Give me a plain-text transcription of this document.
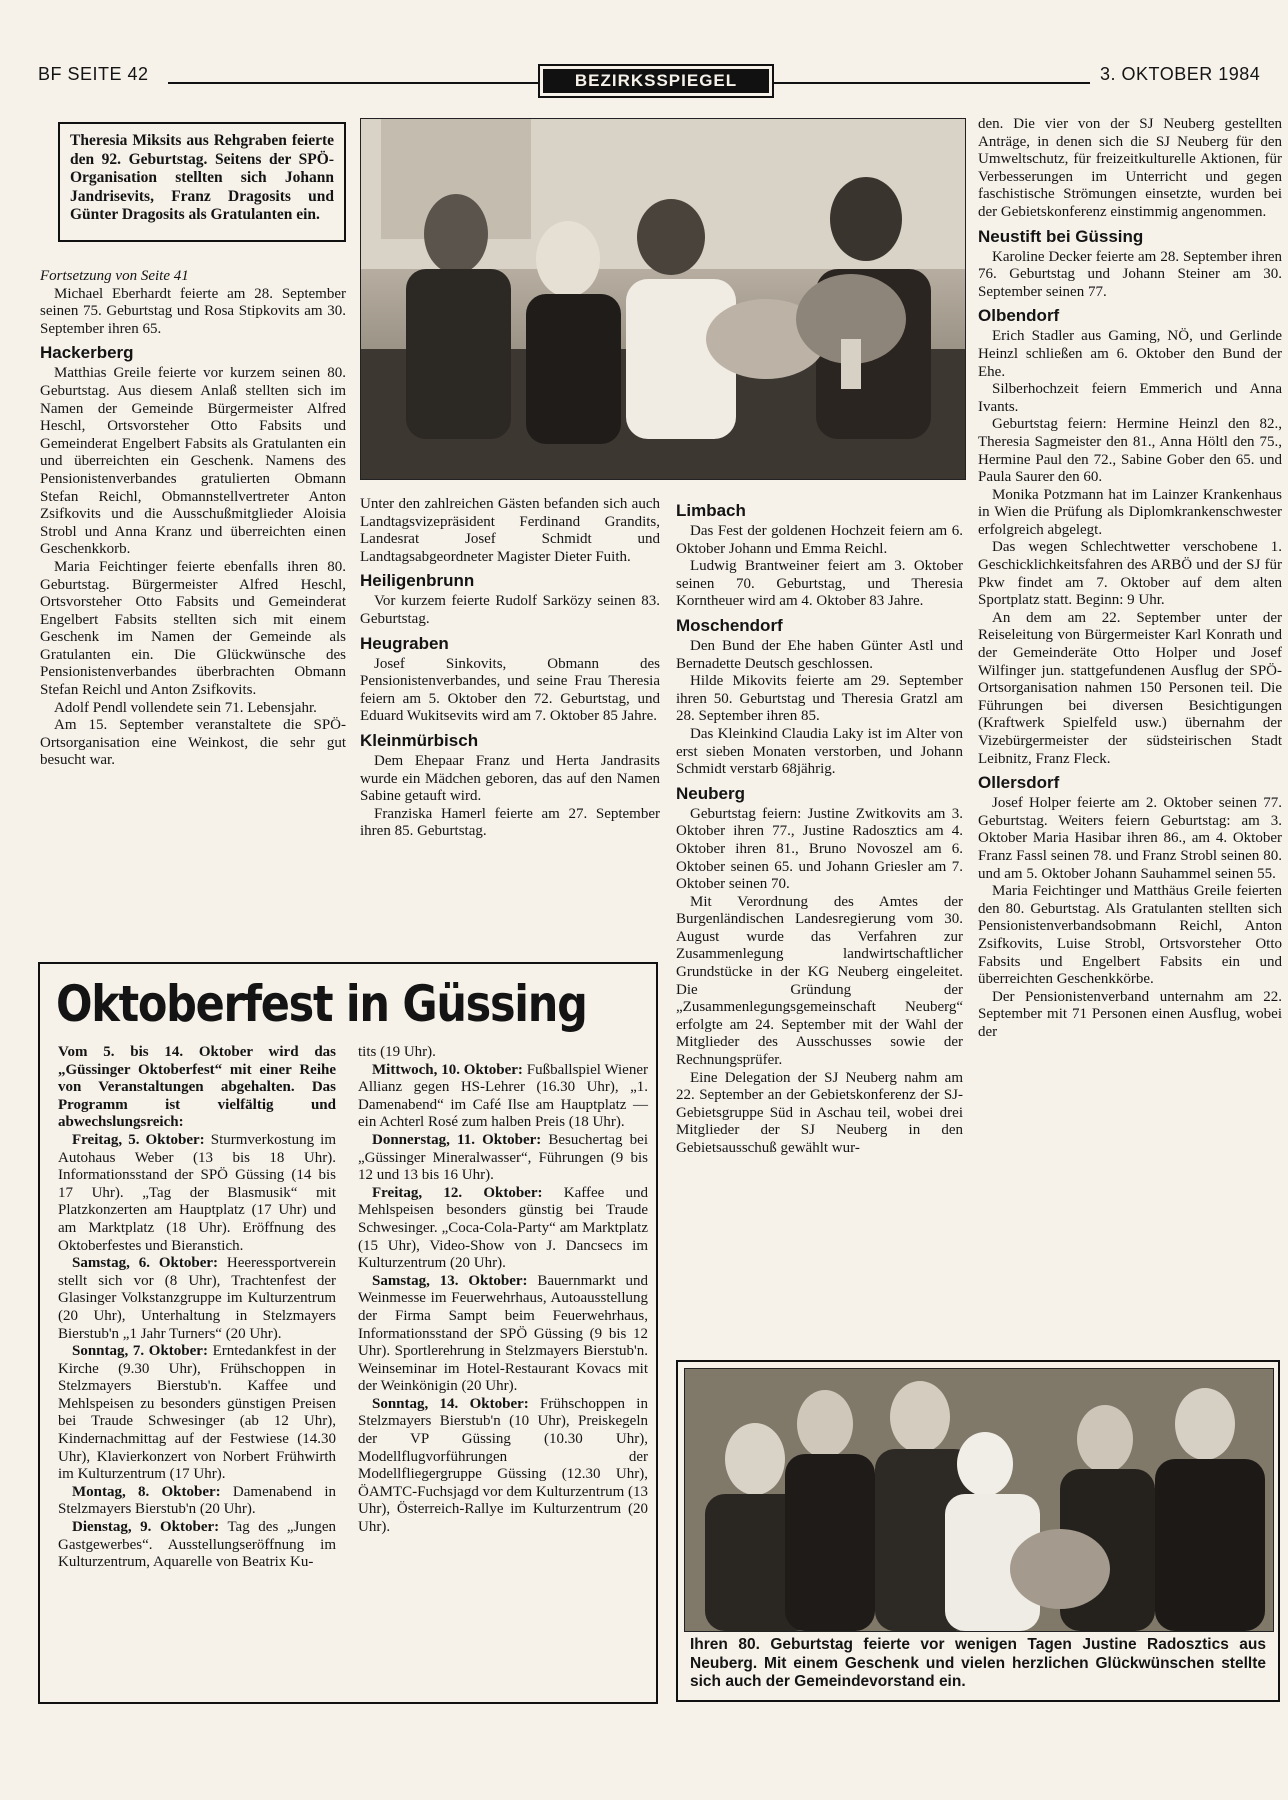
BF SEITE 42	BEZIRKSSPIEGEL	3. OKTOBER 1984
Theresia Miksits aus Rehgraben feierte den 92. Geburtstag. Seitens der SPÖ-Organisation stellten sich Johann Jandrisevits, Franz Dragosits und Günter Dragosits als Gratulanten ein.

Fortsetzung von Seite 41

Michael Eberhardt feierte am 28. September seinen 75. Geburtstag und Rosa Stipkovits am 30. September ihren 65.

Hackerberg

Matthias Greile feierte vor kurzem seinen 80. Geburtstag. Aus diesem Anlaß stellten sich im Namen der Gemeinde Bürgermeister Alfred Heschl, Ortsvorsteher Otto Fabsits und Gemeinderat Engelbert Fabsits als Gratulanten ein und überreichten ein Geschenk. Namens des Pensionistenverbandes gratulierten Obmann Stefan Reichl, Obmannstellvertreter Anton Zsifkovits und die Ausschußmitglieder Aloisia Strobl und Anna Kranz und überreichten einen Geschenkkorb.

Maria Feichtinger feierte ebenfalls ihren 80. Geburtstag. Bürgermeister Alfred Heschl, Ortsvorsteher Otto Fabsits und Gemeinderat Engelbert Fabsits stellten sich mit einem Geschenk im Namen der Gemeinde als Gratulanten ein. Die Glückwünsche des Pensionistenverbandes überbrachten Obmann Stefan Reichl und Anton Zsifkovits.

Adolf Pendl vollendete sein 71. Lebensjahr.

Am 15. September veranstaltete die SPÖ-Ortsorganisation eine Weinkost, die sehr gut besucht war.

Unter den zahlreichen Gästen befanden sich auch Landtagsvizepräsident Ferdinand Grandits, Landesrat Josef Schmidt und Landtagsabgeordneter Magister Dieter Fuith.

Heiligenbrunn

Vor kurzem feierte Rudolf Sarközy seinen 83. Geburtstag.

Heugraben

Josef Sinkovits, Obmann des Pensionistenverbandes, und seine Frau Theresia feiern am 5. Oktober den 72. Geburtstag, und Eduard Wukitsevits wird am 7. Oktober 85 Jahre.

Kleinmürbisch

Dem Ehepaar Franz und Herta Jandrasits wurde ein Mädchen geboren, das auf den Namen Sabine getauft wird.

Franziska Hamerl feierte am 27. September ihren 85. Geburtstag.

Limbach

Das Fest der goldenen Hochzeit feiern am 6. Oktober Johann und Emma Reichl.

Ludwig Brantweiner feiert am 3. Oktober seinen 70. Geburtstag, und Theresia Korntheuer wird am 4. Oktober 83 Jahre.

Moschendorf

Den Bund der Ehe haben Günter Astl und Bernadette Deutsch geschlossen.

Hilde Mikovits feierte am 29. September ihren 50. Geburtstag und Theresia Gratzl am 28. September ihren 85.

Das Kleinkind Claudia Laky ist im Alter von erst sieben Monaten verstorben, und Johann Schmidt verstarb 68jährig.

Neuberg

Geburtstag feiern: Justine Zwitkovits am 3. Oktober ihren 77., Justine Radosztics am 4. Oktober ihren 81., Bruno Novoszel am 6. Oktober seinen 65. und Johann Griesler am 7. Oktober seinen 70.

Mit Verordnung des Amtes der Burgenländischen Landesregierung vom 30. August wurde das Verfahren zur Zusammenlegung landwirtschaftlicher Grundstücke in der KG Neuberg eingeleitet. Die Gründung der „Zusammenlegungsgemeinschaft Neuberg“ erfolgte am 24. September mit der Wahl der Mitglieder des Ausschusses sowie der Rechnungsprüfer.

Eine Delegation der SJ Neuberg nahm am 22. September an der Gebietskonferenz der SJ-Gebietsgruppe Süd in Aschau teil, wobei drei Mitglieder der SJ Neuberg in den Gebietsausschuß gewählt wur-

den. Die vier von der SJ Neuberg gestellten Anträge, in denen sich die SJ Neuberg für den Umweltschutz, für freizeitkulturelle Aktionen, für Verbesserungen im Unterricht und gegen faschistische Strömungen einsetzte, wurden bei der Gebietskonferenz einstimmig angenommen.

Neustift bei Güssing

Karoline Decker feierte am 28. September ihren 76. Geburtstag und Johann Steiner am 30. September seinen 77.

Olbendorf

Erich Stadler aus Gaming, NÖ, und Gerlinde Heinzl schließen am 6. Oktober den Bund der Ehe.

Silberhochzeit feiern Emmerich und Anna Ivants.

Geburtstag feiern: Hermine Heinzl den 82., Theresia Sagmeister den 81., Anna Höltl den 75., Hermine Paul den 72., Sabine Gober den 65. und Paula Saurer den 60.

Monika Potzmann hat im Lainzer Krankenhaus in Wien die Prüfung als Diplomkrankenschwester erfolgreich abgelegt.

Das wegen Schlechtwetter verschobene 1. Geschicklichkeitsfahren des ARBÖ und der SJ für Pkw findet am 7. Oktober auf dem alten Sportplatz statt. Beginn: 9 Uhr.

An dem am 22. September unter der Reiseleitung von Bürgermeister Karl Konrath und der Gemeinderäte Otto Holper und Josef Wilfinger jun. stattgefundenen Ausflug der SPÖ-Ortsorganisation nahmen 150 Personen teil. Die Führungen bei diversen Besichtigungen (Kraftwerk Spielfeld usw.) übernahm der Vizebürgermeister der südsteirischen Stadt Leibnitz, Franz Fleck.

Ollersdorf

Josef Holper feierte am 2. Oktober seinen 77. Geburtstag. Weiters feiern Geburtstag: am 3. Oktober Maria Hasibar ihren 86., am 4. Oktober Franz Fassl seinen 78. und Franz Strobl seinen 80. und am 5. Oktober Johann Sauhammel seinen 55.

Maria Feichtinger und Matthäus Greile feierten den 80. Geburtstag. Als Gratulanten stellten sich Pensionistenverbandsobmann Reichl, Anton Zsifkovits, Luise Strobl, Ortsvorsteher Otto Fabsits und Engelbert Fabsits ein und überreichten Geschenkkörbe.

Der Pensionistenverband unternahm am 22. September mit 71 Personen einen Ausflug, wobei der

Oktoberfest in Güssing

Vom 5. bis 14. Oktober wird das „Güssinger Oktoberfest“ mit einer Reihe von Veranstaltungen abgehalten. Das Programm ist vielfältig und abwechslungsreich:

Freitag, 5. Oktober: Sturmverkostung im Autohaus Weber (13 bis 18 Uhr). Informationsstand der SPÖ Güssing (14 bis 17 Uhr). „Tag der Blasmusik“ mit Platzkonzerten am Hauptplatz (17 Uhr) und am Marktplatz (18 Uhr). Eröffnung des Oktoberfestes und Bieranstich.

Samstag, 6. Oktober: Heeressportverein stellt sich vor (8 Uhr), Trachtenfest der Glasinger Volkstanzgruppe im Kulturzentrum (20 Uhr), Unterhaltung in Stelzmayers Bierstub'n „1 Jahr Turners“ (20 Uhr).

Sonntag, 7. Oktober: Erntedankfest in der Kirche (9.30 Uhr), Frühschoppen in Stelzmayers Bierstub'n. Kaffee und Mehlspeisen zu besonders günstigen Preisen bei Traude Schwesinger (ab 12 Uhr), Kindernachmittag auf der Festwiese (14.30 Uhr), Klavierkonzert von Norbert Frühwirth im Kulturzentrum (17 Uhr).

Montag, 8. Oktober: Damenabend in Stelzmayers Bierstub'n (20 Uhr).

Dienstag, 9. Oktober: Tag des „Jungen Gastgewerbes“. Ausstellungseröffnung im Kulturzentrum, Aquarelle von Beatrix Ku-

tits (19 Uhr).

Mittwoch, 10. Oktober: Fußballspiel Wiener Allianz gegen HS-Lehrer (16.30 Uhr), „1. Damenabend“ im Café Ilse am Hauptplatz — ein Achterl Rosé zum halben Preis (18 Uhr).

Donnerstag, 11. Oktober: Besuchertag bei „Güssinger Mineralwasser“, Führungen (9 bis 12 und 13 bis 16 Uhr).

Freitag, 12. Oktober: Kaffee und Mehlspeisen besonders günstig bei Traude Schwesinger. „Coca-Cola-Party“ am Marktplatz (15 Uhr), Video-Show von J. Dancsecs im Kulturzentrum (20 Uhr).

Samstag, 13. Oktober: Bauernmarkt und Weinmesse im Feuerwehrhaus, Autoausstellung der Firma Sampt beim Feuerwehrhaus, Informationsstand der SPÖ Güssing (9 bis 12 Uhr). Sportlerehrung in Stelzmayers Bierstub'n. Weinseminar im Hotel-Restaurant Kovacs mit der Weinkönigin (20 Uhr).

Sonntag, 14. Oktober: Frühschoppen in Stelzmayers Bierstub'n (10 Uhr), Preiskegeln der VP Güssing (10.30 Uhr), Modellflugvorführungen der Modellfliegergruppe Güssing (12.30 Uhr), ÖAMTC-Fuchsjagd vor dem Kulturzentrum (13 Uhr), Österreich-Rallye im Kulturzentrum (20 Uhr).

Ihren 80. Geburtstag feierte vor wenigen Tagen Justine Radosztics aus Neuberg. Mit einem Geschenk und vielen herzlichen Glückwünschen stellte sich auch der Gemeindevorstand ein.
